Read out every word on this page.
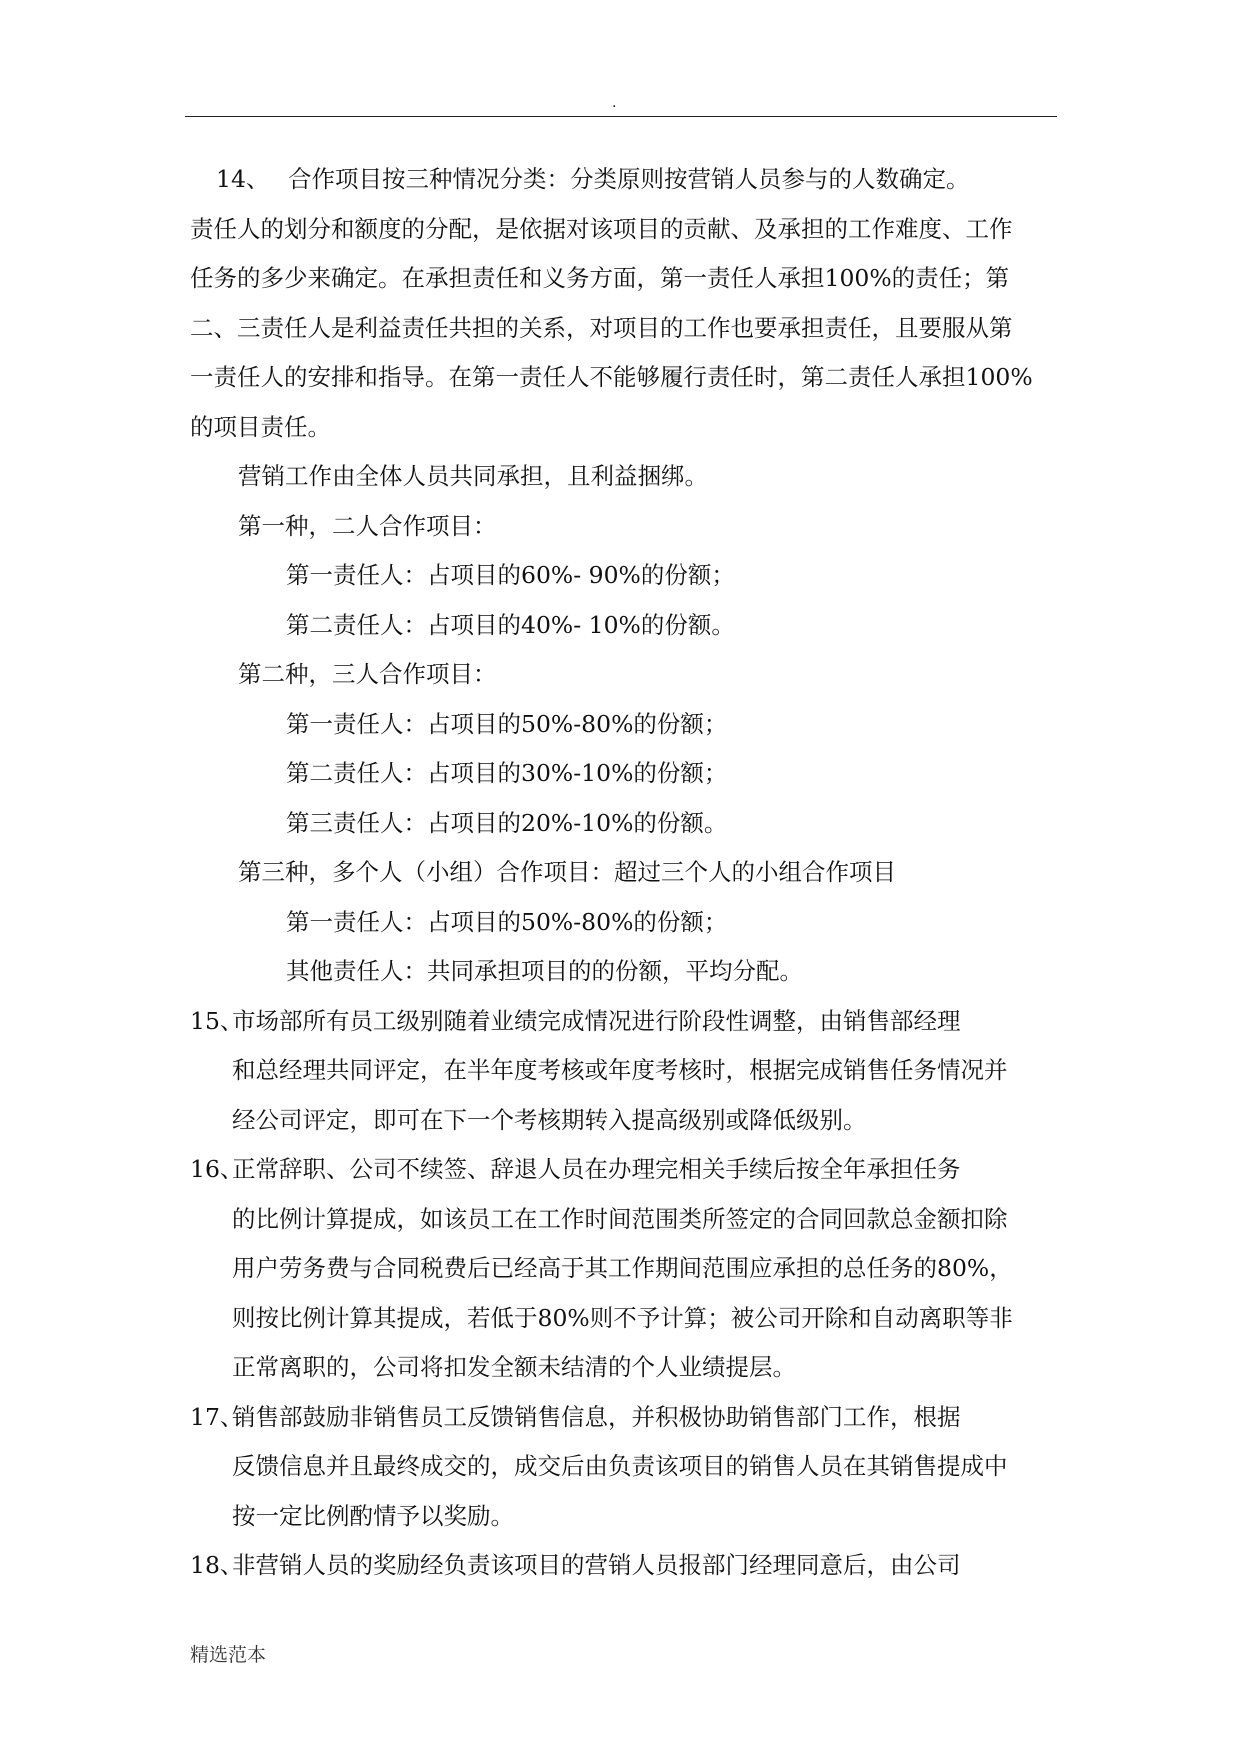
.
14、 合作项目按三种情况分类：分类原则按营销人员参与的人数确定。
责任人的划分和额度的分配，是依据对该项目的贡献、及承担的工作难度、工作
任务的多少来确定。在承担责任和义务方面，第一责任人承担100%的责任；第
二、三责任人是利益责任共担的关系，对项目的工作也要承担责任，且要服从第
一责任人的安排和指导。在第一责任人不能够履行责任时，第二责任人承担100%
的项目责任。
营销工作由全体人员共同承担，且利益捆绑。
第一种，二人合作项目：
第一责任人：占项目的60%- 90%的份额；
第二责任人：占项目的40%- 10%的份额。
第二种，三人合作项目：
第一责任人：占项目的50%-80%的份额；
第二责任人：占项目的30%-10%的份额；
第三责任人：占项目的20%-10%的份额。
第三种，多个人（小组）合作项目：超过三个人的小组合作项目
第一责任人：占项目的50%-80%的份额；
其他责任人：共同承担项目的的份额，平均分配。
15、
市场部所有员工级别随着业绩完成情况进行阶段性调整，由销售部经理
和总经理共同评定，在半年度考核或年度考核时，根据完成销售任务情况并
经公司评定，即可在下一个考核期转入提高级别或降低级别。
16、
正常辞职、公司不续签、辞退人员在办理完相关手续后按全年承担任务
的比例计算提成，如该员工在工作时间范围类所签定的合同回款总金额扣除
用户劳务费与合同税费后已经高于其工作期间范围应承担的总任务的80%，
则按比例计算其提成，若低于80%则不予计算；被公司开除和自动离职等非
正常离职的，公司将扣发全额未结清的个人业绩提层。
17、
销售部鼓励非销售员工反馈销售信息，并积极协助销售部门工作，根据
反馈信息并且最终成交的，成交后由负责该项目的销售人员在其销售提成中
按一定比例酌情予以奖励。
18、
非营销人员的奖励经负责该项目的营销人员报部门经理同意后，由公司
精选范本
